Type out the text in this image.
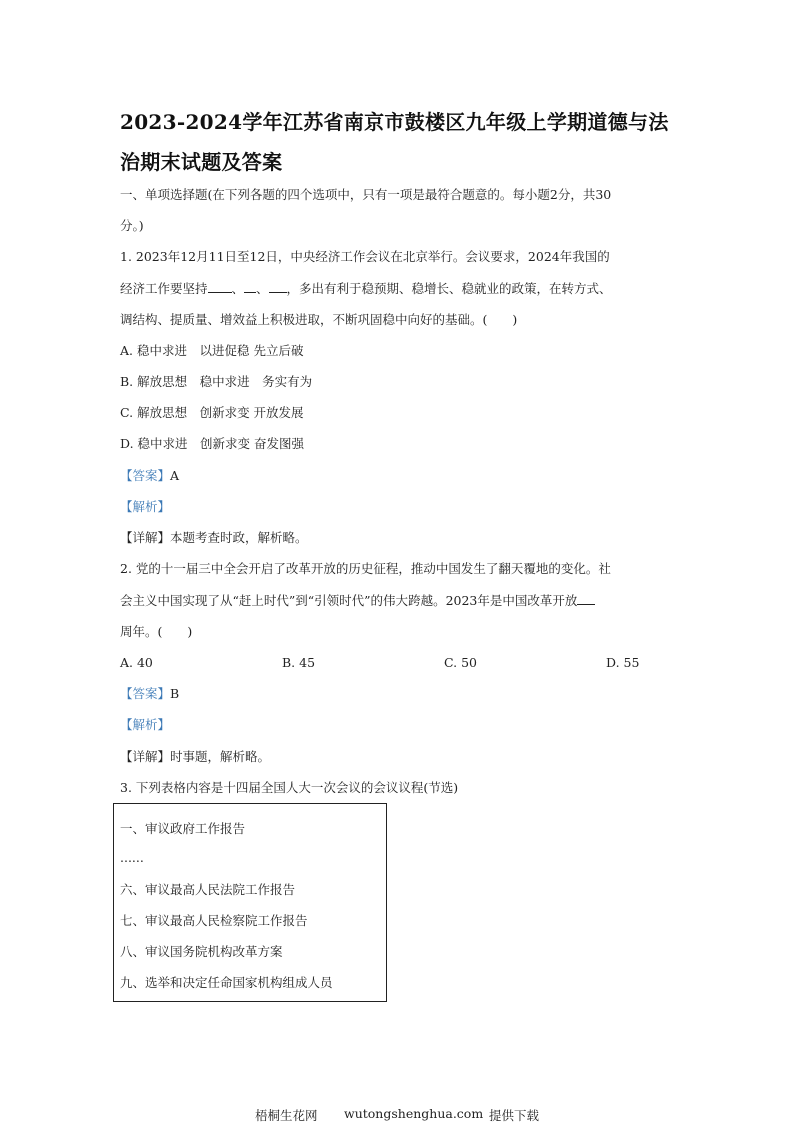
2023-2024学年江苏省南京市鼓楼区九年级上学期道德与法
治期末试题及答案
一、单项选择题(在下列各题的四个选项中，只有一项是最符合题意的。每小题2分，共30
分。)
1. 2023年12月11日至12日，中央经济工作会议在北京举行。会议要求，2024年我国的
经济工作要坚持 、 、 ，多出有利于稳预期、稳增长、稳就业的政策，在转方式、
调结构、提质量、增效益上积极进取，不断巩固稳中向好的基础。(　　)
A. 稳中求进　以进促稳 先立后破
B. 解放思想　稳中求进　务实有为
C. 解放思想　创新求变 开放发展
D. 稳中求进　创新求变 奋发图强
【答案】A
【解析】
【详解】本题考查时政，解析略。
2. 党的十一届三中全会开启了改革开放的历史征程，推动中国发生了翻天覆地的变化。社
会主义中国实现了从“赶上时代”到“引领时代”的伟大跨越。2023年是中国改革开放
周年。(　　)
A. 40	B. 45	C. 50	D. 55
【答案】B
【解析】
【详解】时事题，解析略。
3. 下列表格内容是十四届全国人大一次会议的会议议程(节选)
一、审议政府工作报告
......
六、审议最高人民法院工作报告
七、审议最高人民检察院工作报告
八、审议国务院机构改革方案
九、选举和决定任命国家机构组成人员
梧桐生花网 wutongshenghua.com 提供下载
